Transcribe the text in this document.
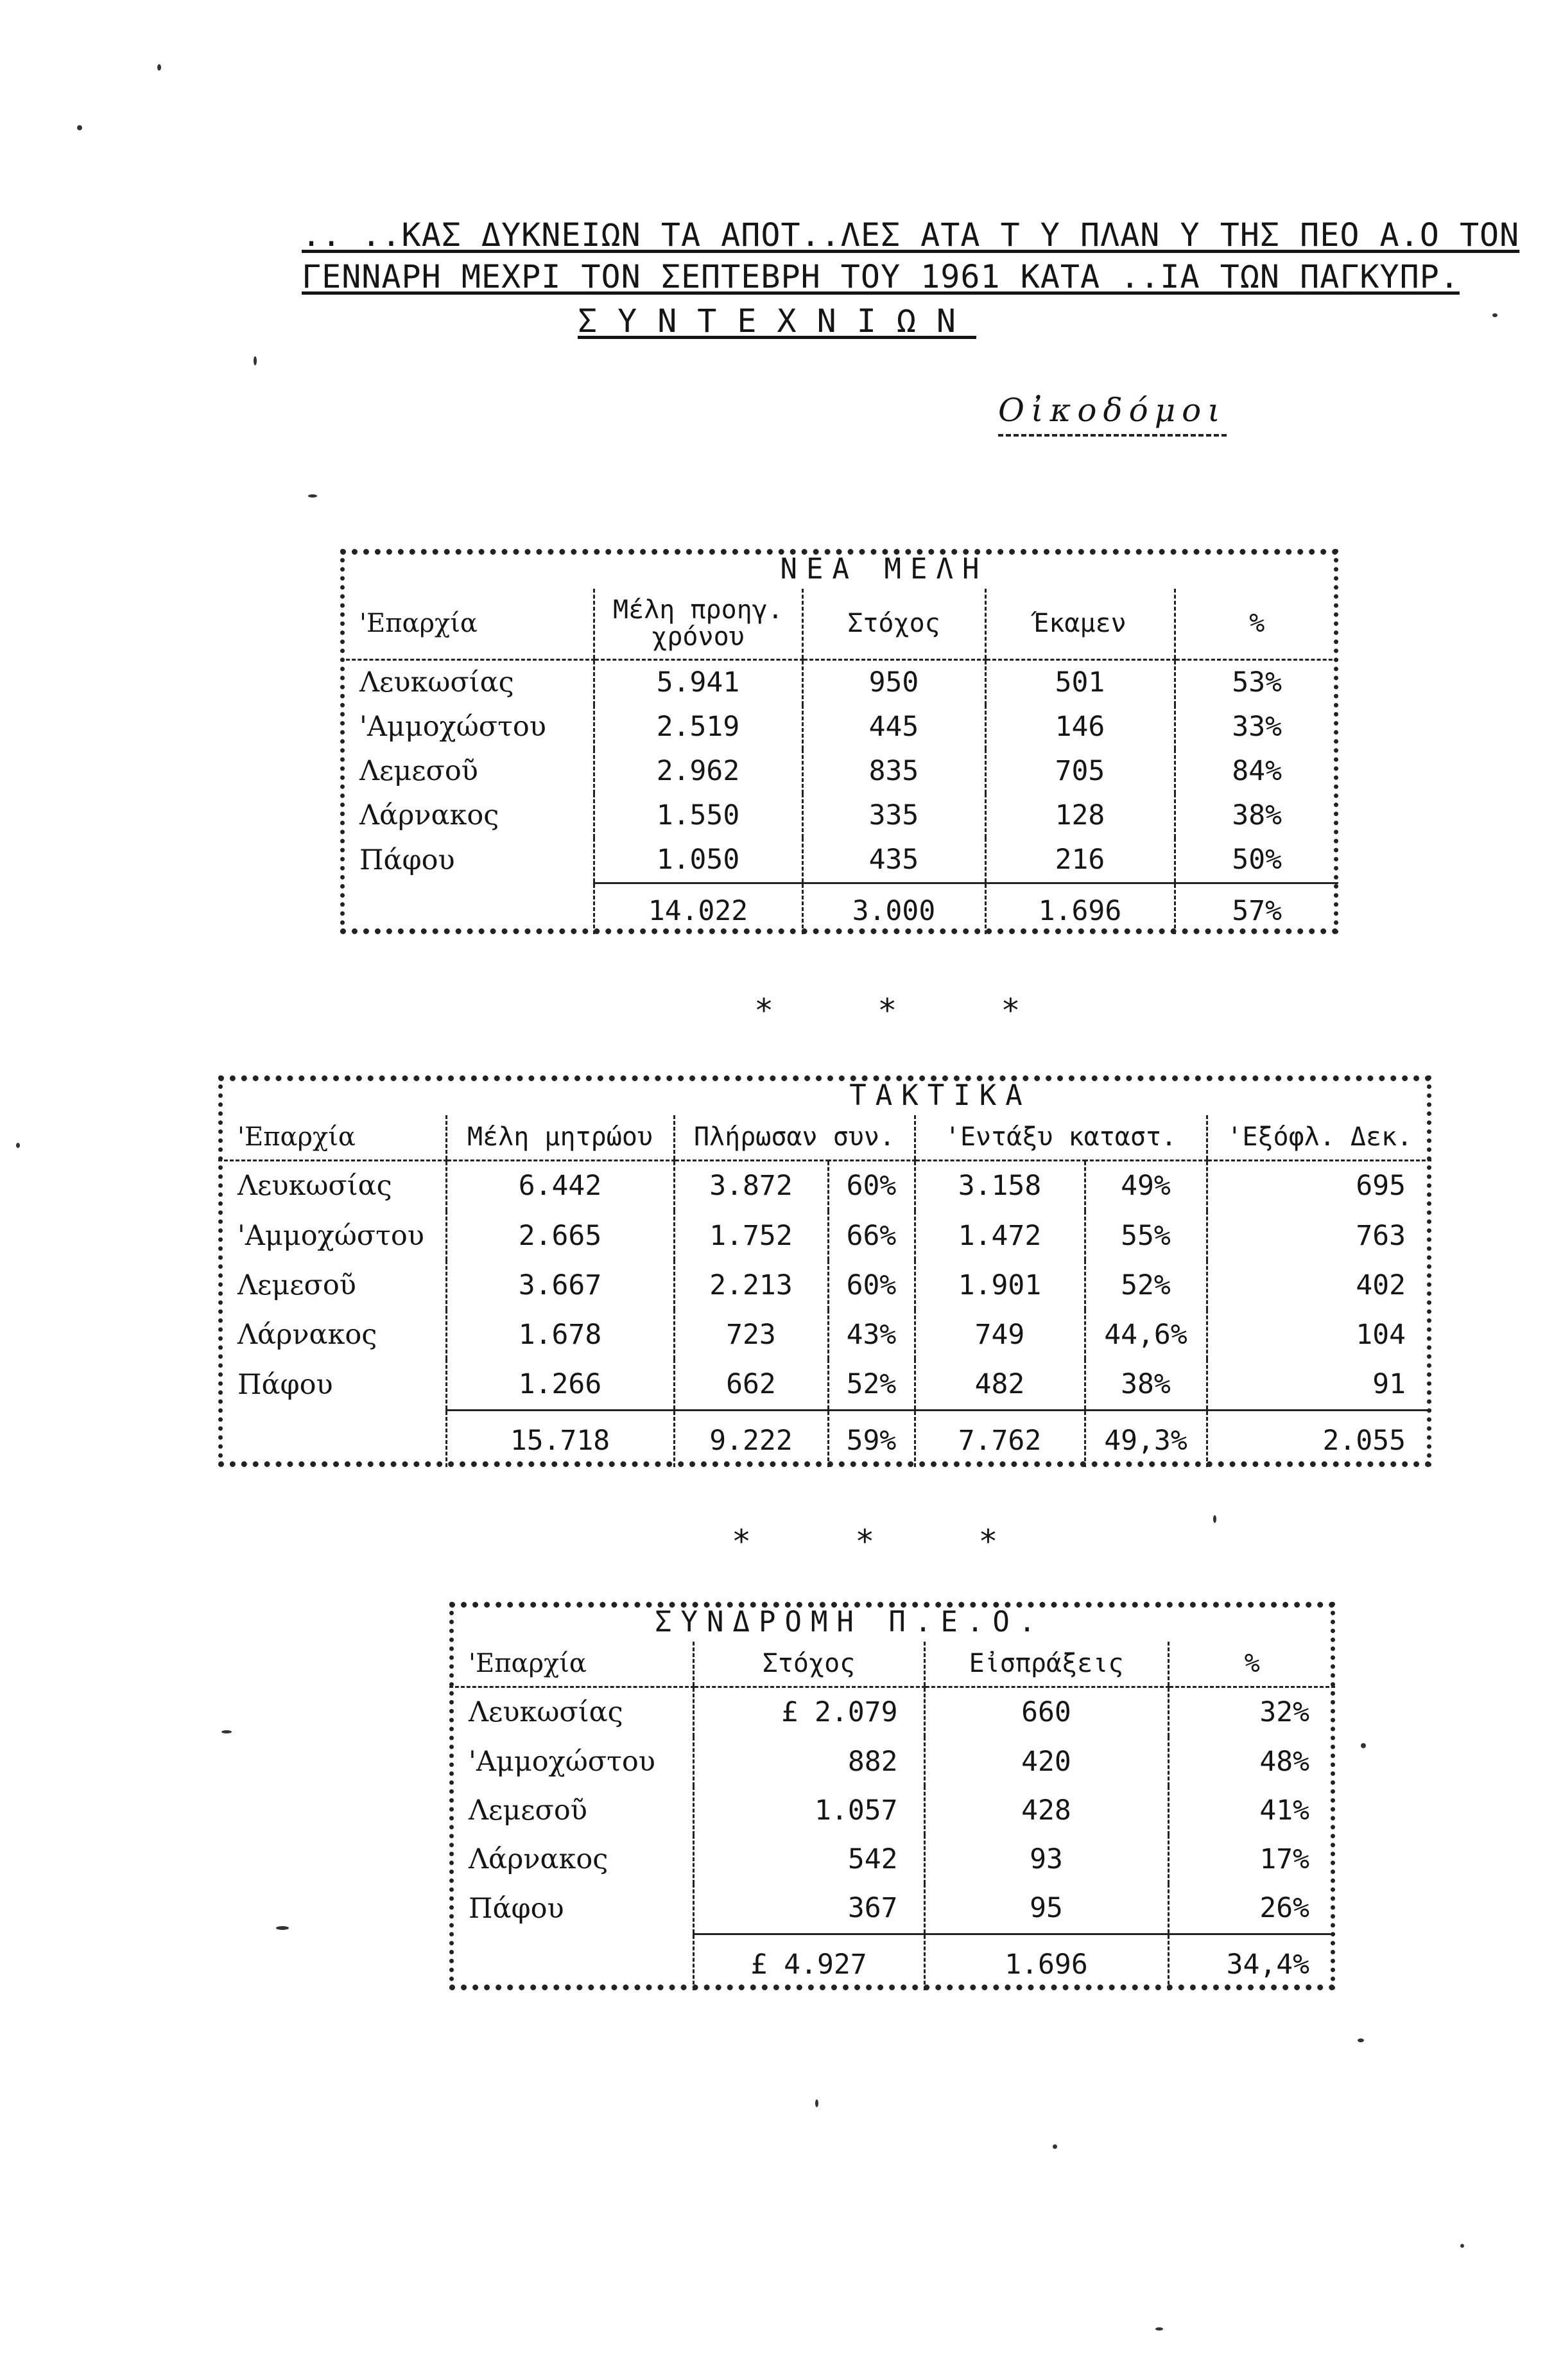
.. ..ΚΑΣ ΔΥΚΝΕΙΩΝ ΤΑ ΑΠΟΤ..ΛΕΣ ΑΤΑ Τ Υ ΠΛΑΝ Υ ΤΗΣ ΠΕΟ Α.Ο ΤΟΝ
ΓΕΝΝΑΡΗ ΜΕΧΡΙ ΤΟΝ ΣΕΠΤΕΒΡΗ ΤΟΥ 1961 ΚΑΤΑ ..ΙΑ ΤΩΝ ΠΑΓΚΥΠΡ.
ΣΥΝΤΕΧΝΙΩΝ
Οἰκοδόμοι
	ΝΕΑ ΜΕΛΗ			
'Επαρχία	Μέλη προηγ. χρόνου	Στόχος	Έκαμεν	%
Λευκωσίας	5.941	950	501	53%
'Αμμοχώστου	2.519	445	146	33%
Λεμεσοῦ	2.962	835	705	84%
Λάρνακος	1.550	335	128	38%
Πάφου	1.050	435	216	50%
	14.022	3.000	1.696	57%
* * *
		ΤΑΚΤΙΚΑ				
'Επαρχία	Μέλη μητρώου	Πλήρωσαν συν.		'Εντάξυ καταστ.		'Εξόφλ. Δεκ.
Λευκωσίας	6.442	3.872	60%	3.158	49%	695
'Αμμοχώστου	2.665	1.752	66%	1.472	55%	763
Λεμεσοῦ	3.667	2.213	60%	1.901	52%	402
Λάρνακος	1.678	723	43%	749	44,6%	104
Πάφου	1.266	662	52%	482	38%	91
	15.718	9.222	59%	7.762	49,3%	2.055
* * *
ΣΥΝΔΡΟΜΗ Π.Ε.Ο.			
'Επαρχία	Στόχος	Εἰσπράξεις	%
Λευκωσίας	£ 2.079	660	32%
'Αμμοχώστου	882	420	48%
Λεμεσοῦ	1.057	428	41%
Λάρνακος	542	93	17%
Πάφου	367	95	26%
	£ 4.927	1.696	34,4%
